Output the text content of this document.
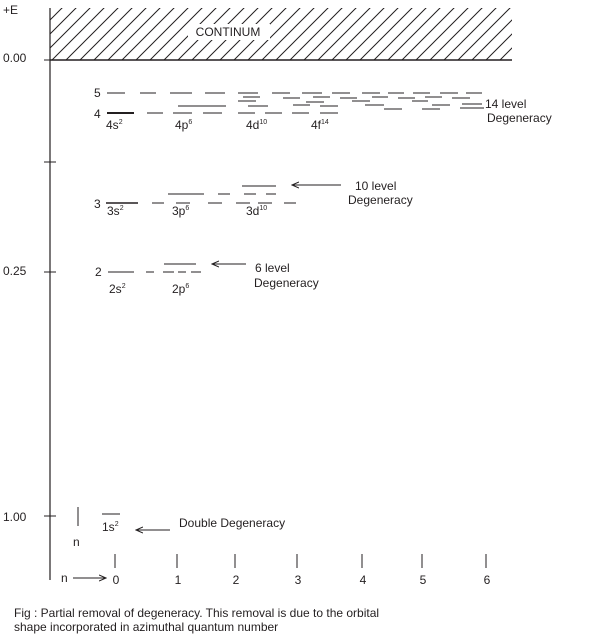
CONTINUM
+E
0.00
0.25
1.00
5
4
3
2
$4s^2$	$4p^6$	$4d^{10}$	$4f^{14}$
$3s^2$	$3p^6$	$3d^{10}$
$2s^2$	$2p^6$
$1s^2$
14 level
Degeneracy
10 level
Degeneracy
6 level
Degeneracy
Double Degeneracy
n
n	0	1	2	3	4	5	6
Fig : Partial removal of degeneracy. This removal is due to the orbital
shape incorporated in azimuthal quantum number
